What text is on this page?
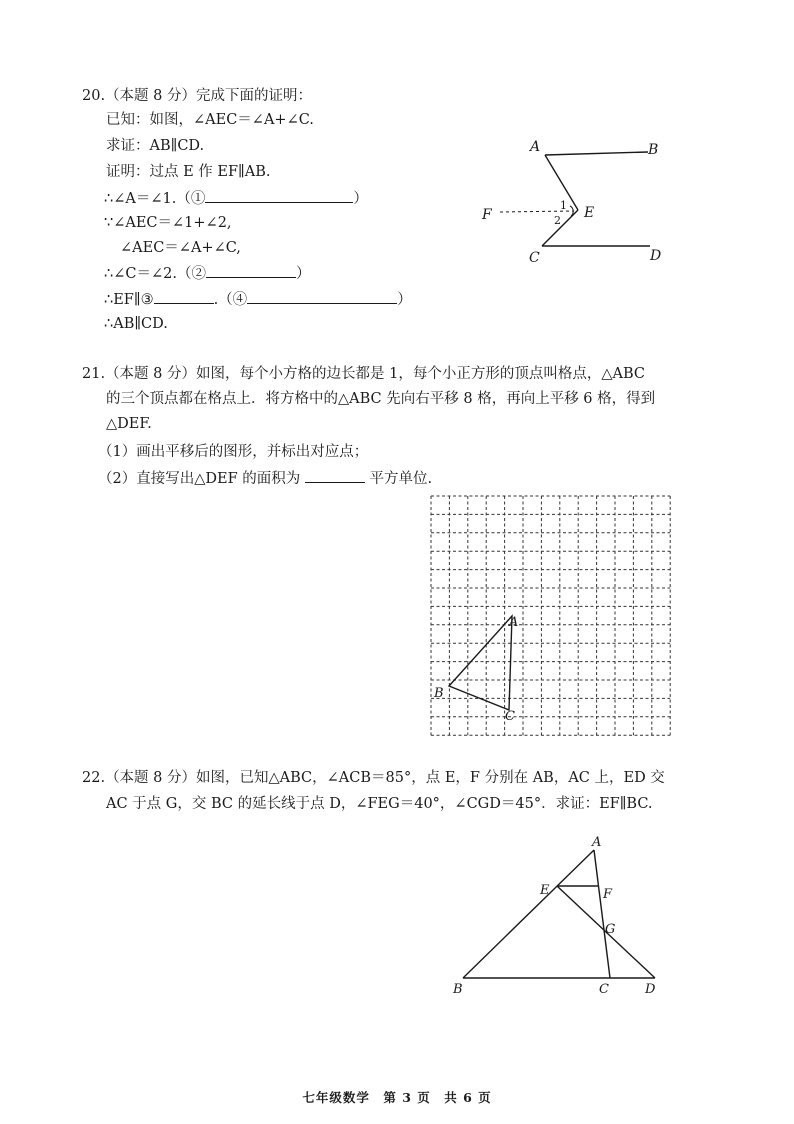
20.（本题 8 分）完成下面的证明：
已知：如图，∠AEC＝∠A+∠C.
求证：AB∥CD.
证明：过点 E 作 EF∥AB.
∴∠A＝∠1.（①	）
∵∠AEC＝∠1+∠2,
∠AEC＝∠A+∠C,
∴∠C＝∠2.（②	）
∴EF∥③	.（④	）
∴AB∥CD.
A	B
C	D
E
F
1
2
21.（本题 8 分）如图，每个小方格的边长都是 1，每个小正方形的顶点叫格点，△ABC
的三个顶点都在格点上．将方格中的△ABC 先向右平移 8 格，再向上平移 6 格，得到
△DEF.
（1）画出平移后的图形，并标出对应点；
（2）直接写出△DEF 的面积为	平方单位.
A
B
C
22.（本题 8 分）如图，已知△ABC，∠ACB＝85°，点 E，F 分别在 AB，AC 上，ED 交
AC 于点 G，交 BC 的延长线于点 D，∠FEG＝40°，∠CGD＝45°．求证：EF∥BC.
A
B	C	D
E	F
G
七年级数学　第 3 页　共 6 页
